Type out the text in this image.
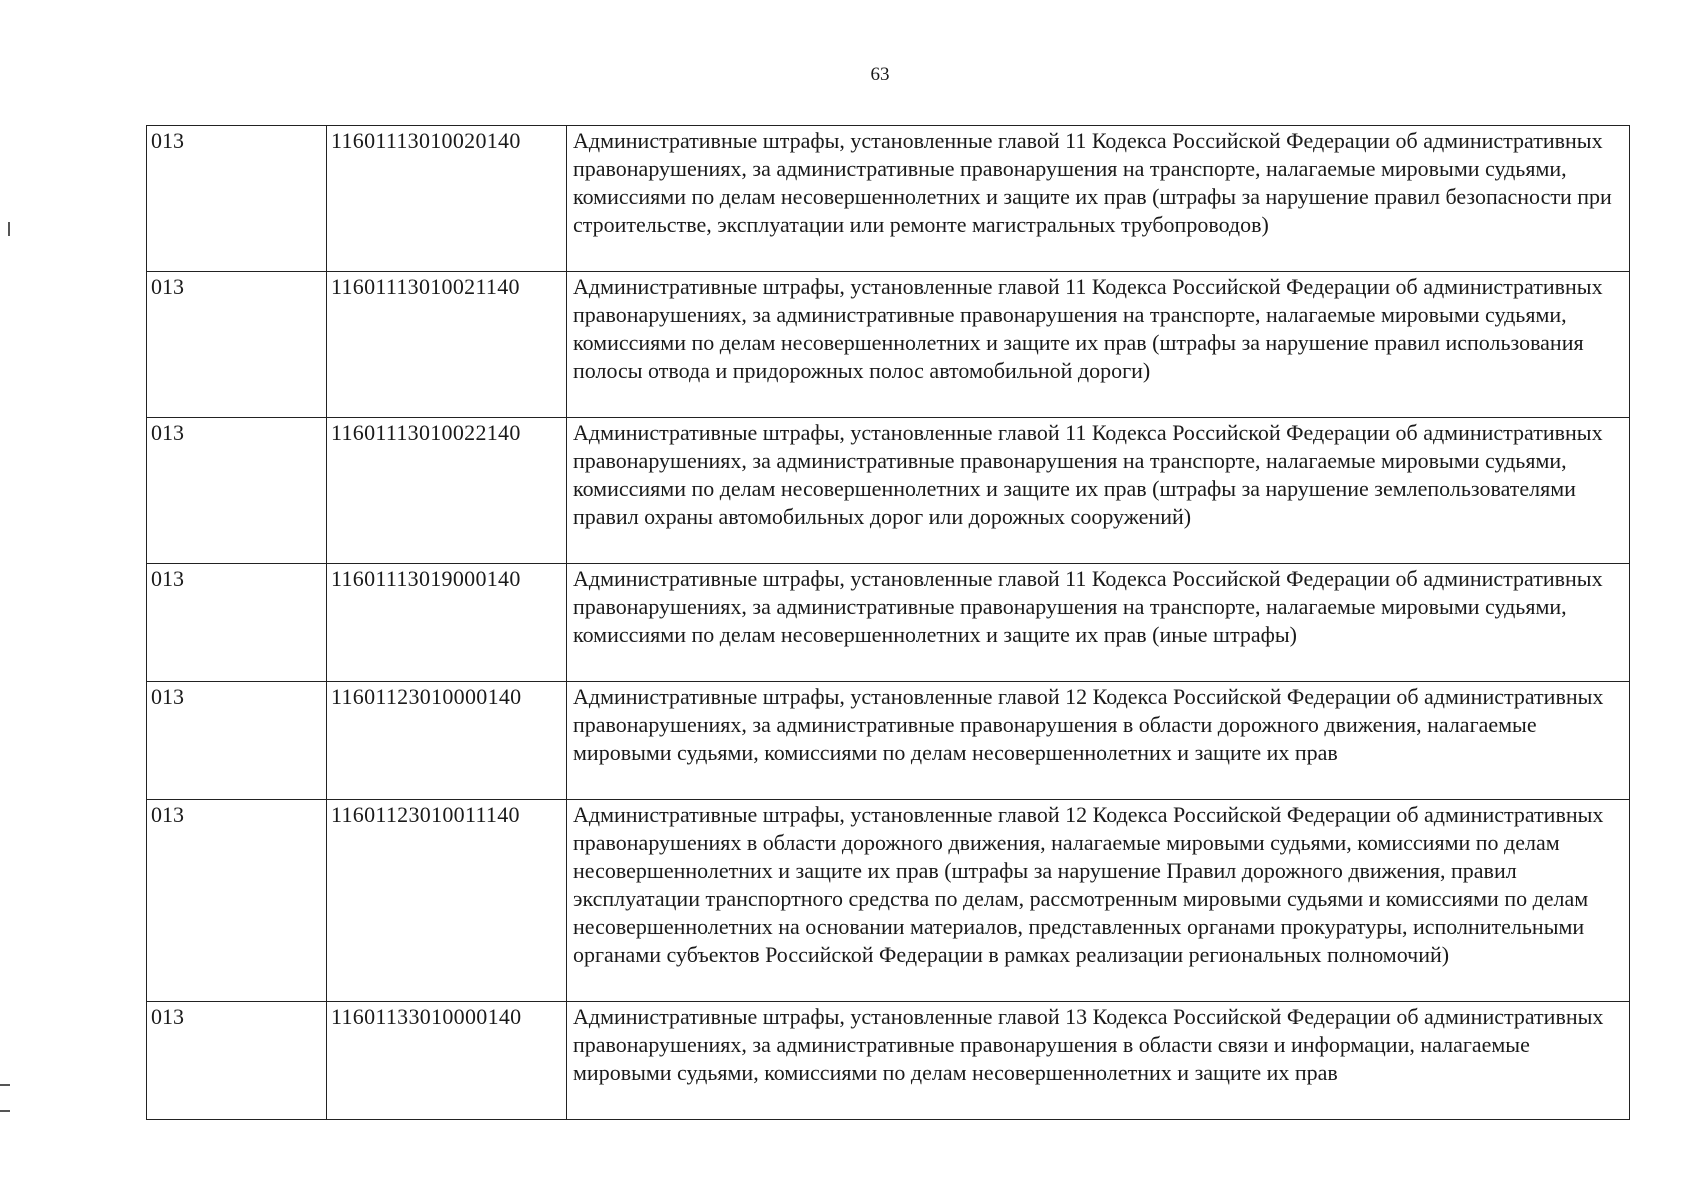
63
013	11601113010020140	Административные штрафы, установленные главой 11 Кодекса Российской Федерации об административных правонарушениях, за административные правонарушения на транспорте, налагаемые мировыми судьями, комиссиями по делам несовершеннолетних и защите их прав (штрафы за нарушение правил безопасности при строительстве, эксплуатации или ремонте магистральных трубопроводов)
013	11601113010021140	Административные штрафы, установленные главой 11 Кодекса Российской Федерации об административных правонарушениях, за административные правонарушения на транспорте, налагаемые мировыми судьями, комиссиями по делам несовершеннолетних и защите их прав (штрафы за нарушение правил использования полосы отвода и придорожных полос автомобильной дороги)
013	11601113010022140	Административные штрафы, установленные главой 11 Кодекса Российской Федерации об административных правонарушениях, за административные правонарушения на транспорте, налагаемые мировыми судьями, комиссиями по делам несовершеннолетних и защите их прав (штрафы за нарушение землепользователями правил охраны автомобильных дорог или дорожных сооружений)
013	11601113019000140	Административные штрафы, установленные главой 11 Кодекса Российской Федерации об административных правонарушениях, за административные правонарушения на транспорте, налагаемые мировыми судьями, комиссиями по делам несовершеннолетних и защите их прав (иные штрафы)
013	11601123010000140	Административные штрафы, установленные главой 12 Кодекса Российской Федерации об административных правонарушениях, за административные правонарушения в области дорожного движения, налагаемые мировыми судьями, комиссиями по делам несовершеннолетних и защите их прав
013	11601123010011140	Административные штрафы, установленные главой 12 Кодекса Российской Федерации об административных правонарушениях в области дорожного движения, налагаемые мировыми судьями, комиссиями по делам несовершеннолетних и защите их прав (штрафы за нарушение Правил дорожного движения, правил эксплуатации транспортного средства по делам, рассмотренным мировыми судьями и комиссиями по делам несовершеннолетних на основании материалов, представленных органами прокуратуры, исполнительными органами субъектов Российской Федерации в рамках реализации региональных полномочий)
013	11601133010000140	Административные штрафы, установленные главой 13 Кодекса Российской Федерации об административных правонарушениях, за административные правонарушения в области связи и информации, налагаемые мировыми судьями, комиссиями по делам несовершеннолетних и защите их прав
